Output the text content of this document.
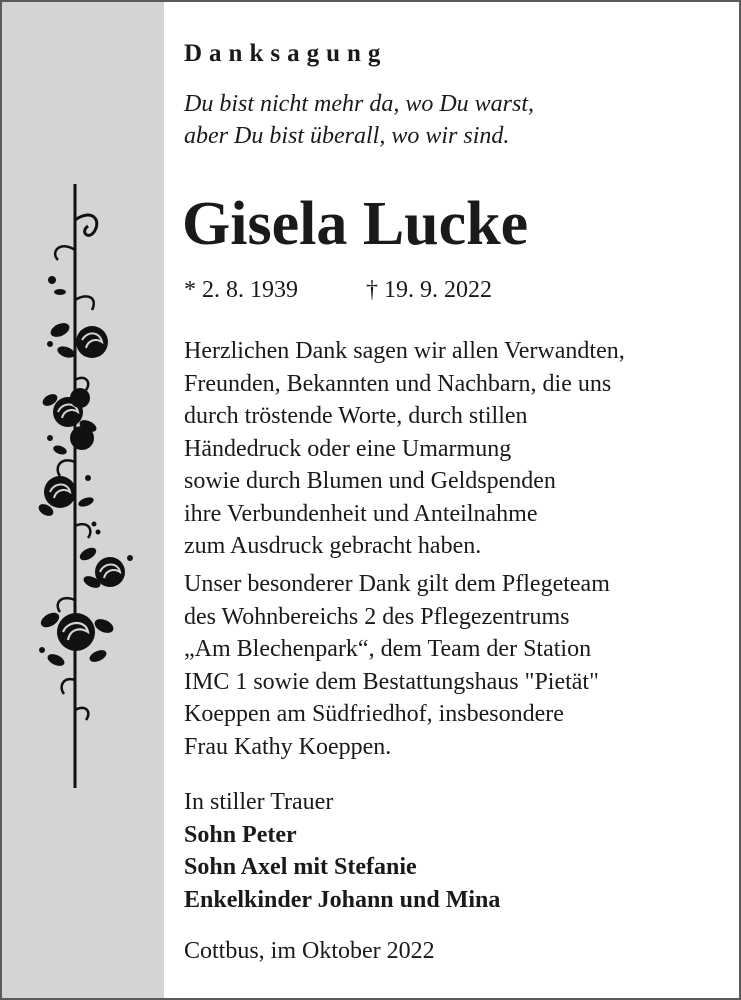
Danksagung
Du bist nicht mehr da, wo Du warst,
aber Du bist überall, wo wir sind.
Gisela Lucke
* 2. 8. 1939	† 19. 9. 2022
Herzlichen Dank sagen wir allen Verwandten,
Freunden, Bekannten und Nachbarn, die uns
durch tröstende Worte, durch stillen
Händedruck oder eine Umarmung
sowie durch Blumen und Geldspenden
ihre Verbundenheit und Anteilnahme
zum Ausdruck gebracht haben.
Unser besonderer Dank gilt dem Pflegeteam
des Wohnbereichs 2 des Pflegezentrums
„Am Blechenpark“, dem Team der Station
IMC 1 sowie dem Bestattungshaus "Pietät"
Koeppen am Südfriedhof, insbesondere
Frau Kathy Koeppen.
In stiller Trauer
Sohn Peter
Sohn Axel mit Stefanie
Enkelkinder Johann und Mina
Cottbus, im Oktober 2022
